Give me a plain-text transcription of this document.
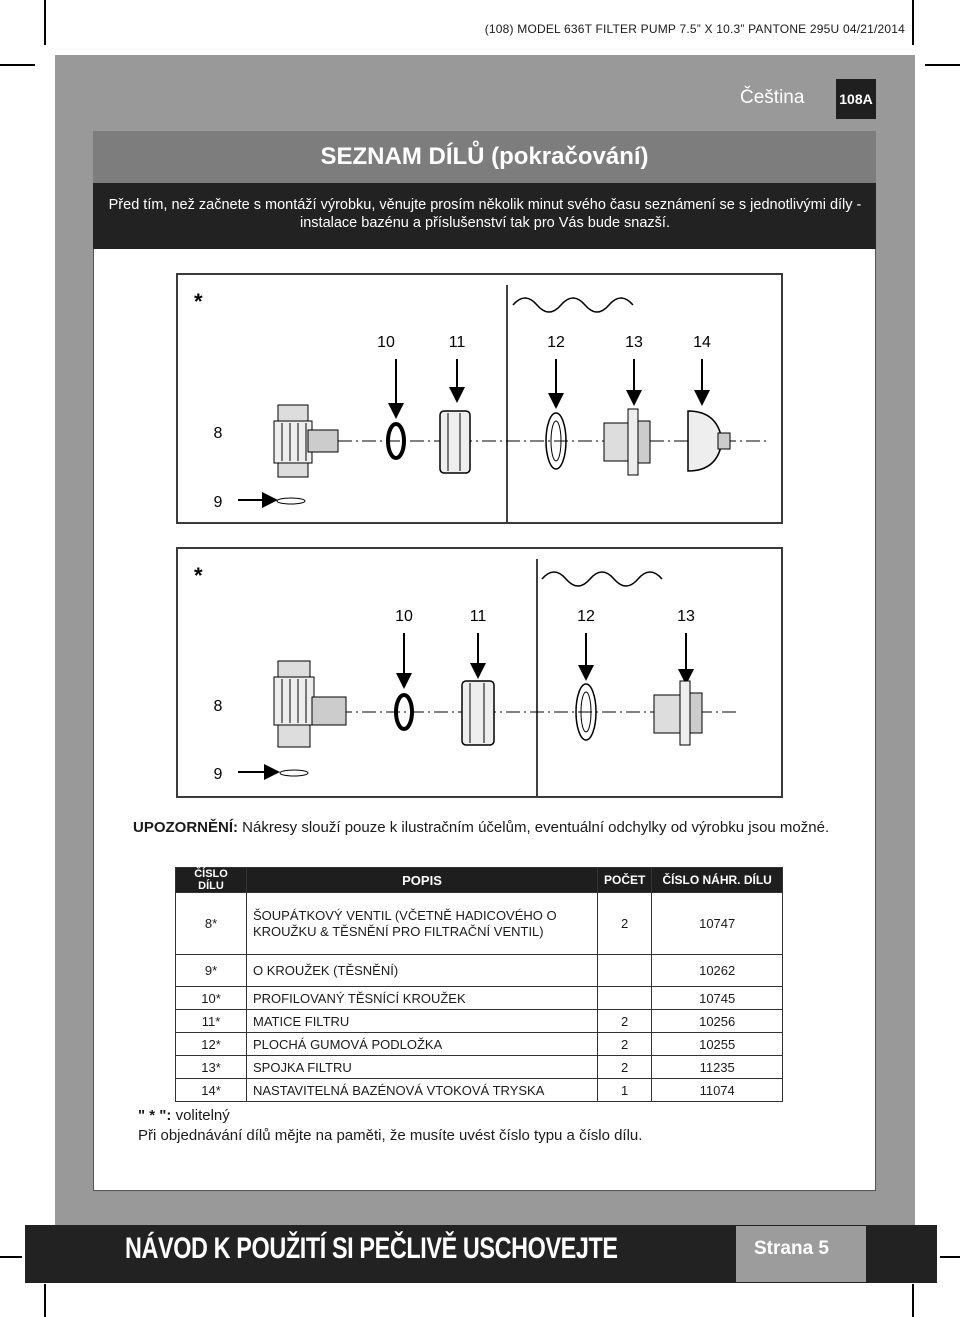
(108) MODEL 636T FILTER PUMP 7.5” X 10.3” PANTONE 295U 04/21/2014
Čeština 108A
SEZNAM DÍLŮ (pokračování)
Před tím, než začnete s montáží výrobku, věnujte prosím několik minut svého času seznámení se s jednotlivými díly - instalace bazénu a příslušenství tak pro Vás bude snazší.
*
10	11	12	13	14
8
9
*
10	11	12	13
8
9
UPOZORNĚNÍ: Nákresy slouží pouze k ilustračním účelům, eventuální odchylky od výrobku jsou možné.
ČÍSLO DÍLU	POPIS	POČET	ČÍSLO NÁHR. DÍLU
8*	ŠOUPÁTKOVÝ VENTIL (VČETNĚ HADICOVÉHO O KROUŽKU & TĚSNĚNÍ PRO FILTRAČNÍ VENTIL)	2	10747
9*	O KROUŽEK (TĚSNĚNÍ)		10262
10*	PROFILOVANÝ TĚSNÍCÍ KROUŽEK		10745
11*	MATICE FILTRU	2	10256
12*	PLOCHÁ GUMOVÁ PODLOŽKA	2	10255
13*	SPOJKA FILTRU	2	11235
14*	NASTAVITELNÁ BAZÉNOVÁ VTOKOVÁ TRYSKA	1	11074
" * ": volitelný
Při objednávání dílů mějte na paměti, že musíte uvést číslo typu a číslo dílu.
NÁVOD K POUŽITÍ SI PEČLIVĚ USCHOVEJTE	Strana 5
